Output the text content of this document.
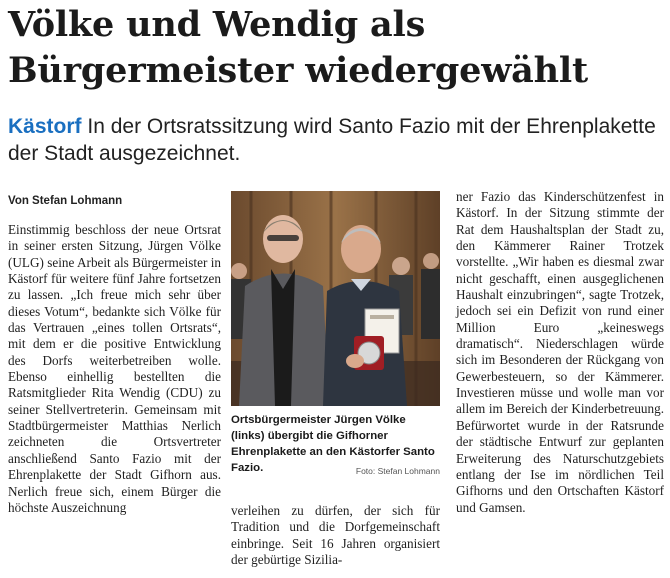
Völke und Wendig als
Bürgermeister wiedergewählt
Kästorf In der Ortsratssitzung wird Santo Fazio mit der Ehrenplakette der Stadt ausgezeichnet.
Von Stefan Lohmann

Einstimmig beschloss der neue Ortsrat in seiner ersten Sitzung, Jürgen Völke (ULG) seine Arbeit als Bürgermeister in Kästorf für weitere fünf Jahre fortsetzen zu lassen. „Ich freue mich sehr über dieses Votum“, bedankte sich Völke für das Vertrauen „eines tollen Ortsrats“, mit dem er die positive Entwicklung des Dorfs weiterbetreiben wolle. Ebenso einhellig bestellten die Ratsmitglieder Rita Wendig (CDU) zu seiner Stellvertreterin. Gemeinsam mit Stadtbürgermeister Matthias Nerlich zeichneten die Ortsvertreter anschließend Santo Fazio mit der Ehrenplakette der Stadt Gifhorn aus. Nerlich freue sich, einem Bürger die höchste Auszeichnung

Ortsbürgermeister Jürgen Völke (links) übergibt die Gifhorner Ehrenplakette an den Kästorfer Santo Fazio.	Foto: Stefan Lohmann

verleihen zu dürfen, der sich für Tradition und die Dorfgemeinschaft einbringe. Seit 16 Jahren organisiert der gebürtige Sizilia-

ner Fazio das Kinderschützenfest in Kästorf. In der Sitzung stimmte der Rat dem Haushaltsplan der Stadt zu, den Kämmerer Rainer Trotzek vorstellte. „Wir haben es diesmal zwar nicht geschafft, einen ausgeglichenen Haushalt einzubringen“, sagte Trotzek, jedoch sei ein Defizit von rund einer Million Euro „keineswegs dramatisch“. Niederschlagen würde sich im Besonderen der Rückgang von Gewerbesteuern, so der Kämmerer. Investieren müsse und wolle man vor allem im Bereich der Kinderbetreuung. Befürwortet wurde in der Ratsrunde der städtische Entwurf zur geplanten Erweiterung des Naturschutzgebiets entlang der Ise im nördlichen Teil Gifhorns und den Ortschaften Kästorf und Gamsen.
